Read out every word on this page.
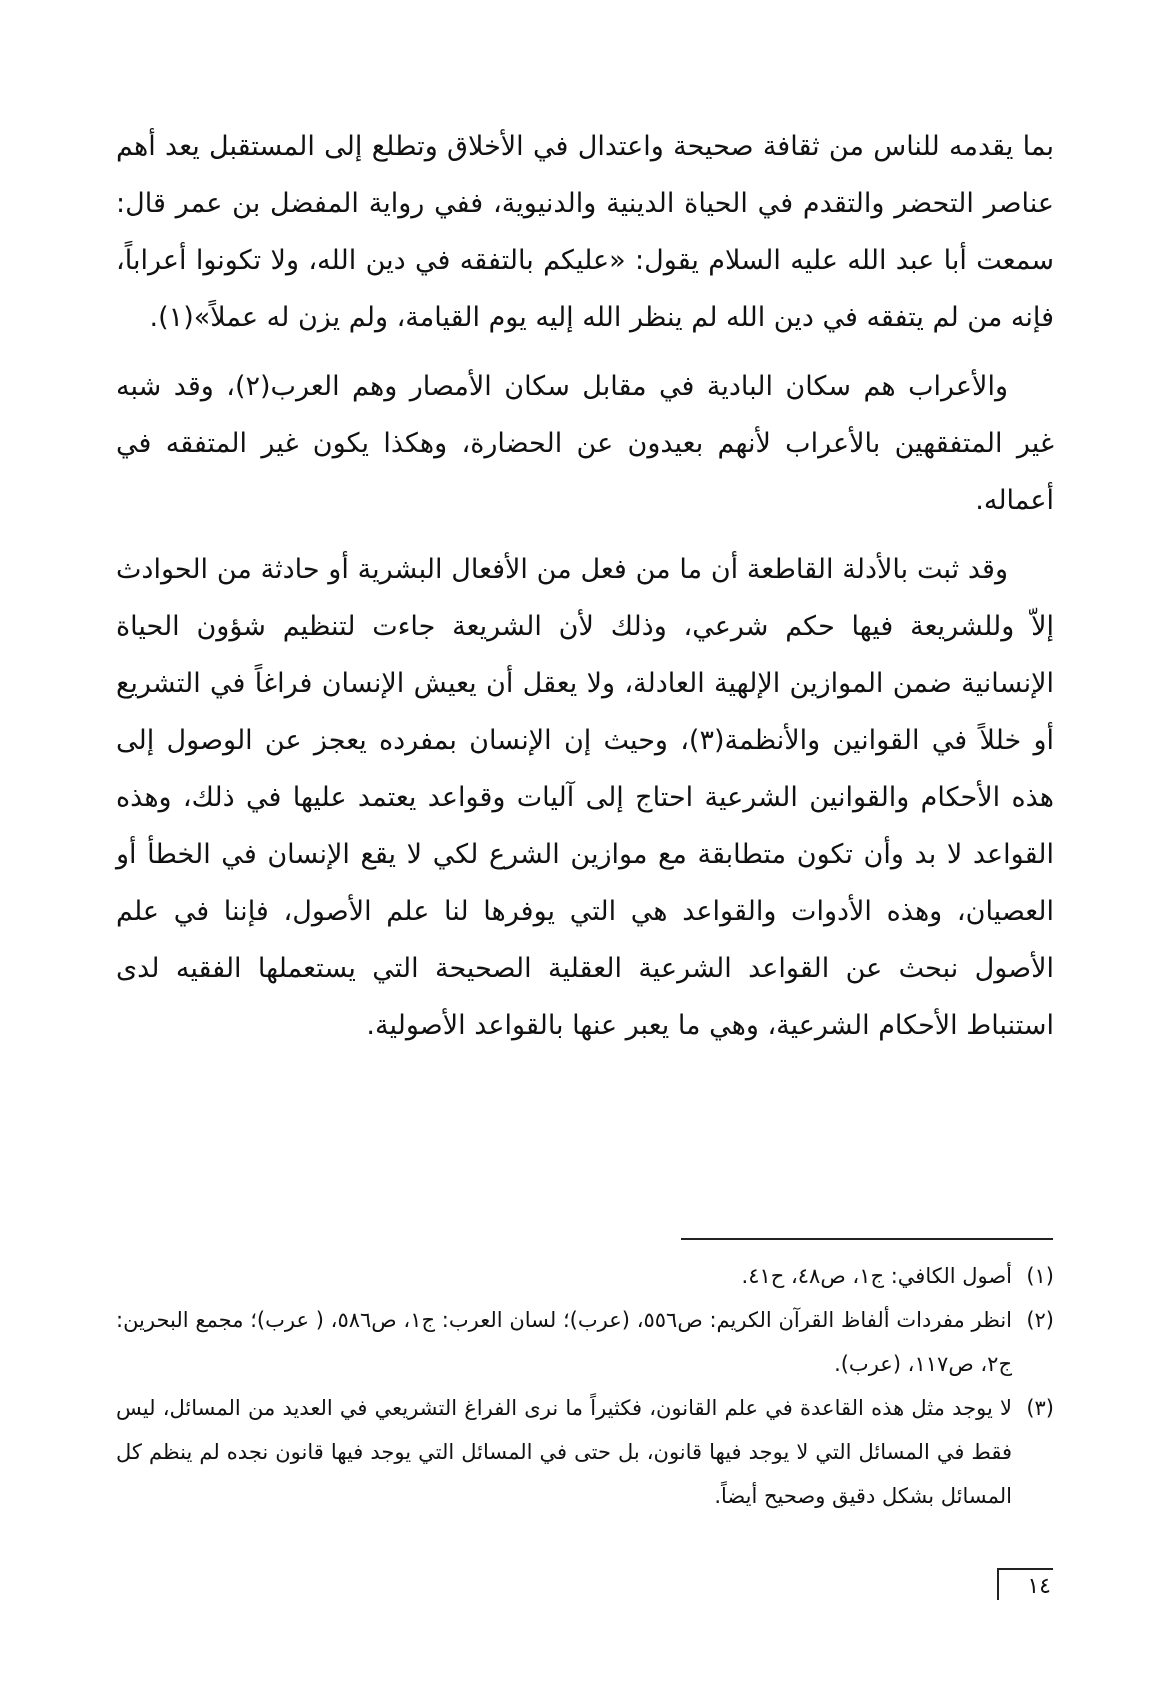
بما يقدمه للناس من ثقافة صحيحة واعتدال في الأخلاق وتطلع إلى المستقبل يعد أهم عناصر التحضر والتقدم في الحياة الدينية والدنيوية، ففي رواية المفضل بن عمر قال: سمعت أبا عبد الله عليه السلام يقول: «عليكم بالتفقه في دين الله، ولا تكونوا أعراباً، فإنه من لم يتفقه في دين الله لم ينظر الله إليه يوم القيامة، ولم يزن له عملاً»(١).

والأعراب هم سكان البادية في مقابل سكان الأمصار وهم العرب(٢)، وقد شبه غير المتفقهين بالأعراب لأنهم بعيدون عن الحضارة، وهكذا يكون غير المتفقه في أعماله.

وقد ثبت بالأدلة القاطعة أن ما من فعل من الأفعال البشرية أو حادثة من الحوادث إلاّ وللشريعة فيها حكم شرعي، وذلك لأن الشريعة جاءت لتنظيم شؤون الحياة الإنسانية ضمن الموازين الإلهية العادلة، ولا يعقل أن يعيش الإنسان فراغاً في التشريع أو خللاً في القوانين والأنظمة(٣)، وحيث إن الإنسان بمفرده يعجز عن الوصول إلى هذه الأحكام والقوانين الشرعية احتاج إلى آليات وقواعد يعتمد عليها في ذلك، وهذه القواعد لا بد وأن تكون متطابقة مع موازين الشرع لكي لا يقع الإنسان في الخطأ أو العصيان، وهذه الأدوات والقواعد هي التي يوفرها لنا علم الأصول، فإننا في علم الأصول نبحث عن القواعد الشرعية العقلية الصحيحة التي يستعملها الفقيه لدى استنباط الأحكام الشرعية، وهي ما يعبر عنها بالقواعد الأصولية.

(١)
أصول الكافي: ج١، ص٤٨، ح٤١.

(٢)
انظر مفردات ألفاظ القرآن الكريم: ص٥٥٦، (عرب)؛ لسان العرب: ج١، ص٥٨٦، ( عرب)؛ مجمع البحرين: ج٢، ص١١٧، (عرب).

(٣)
لا يوجد مثل هذه القاعدة في علم القانون، فكثيراً ما نرى الفراغ التشريعي في العديد من المسائل، ليس فقط في المسائل التي لا يوجد فيها قانون، بل حتى في المسائل التي يوجد فيها قانون نجده لم ينظم كل المسائل بشكل دقيق وصحيح أيضاً.

١٤
